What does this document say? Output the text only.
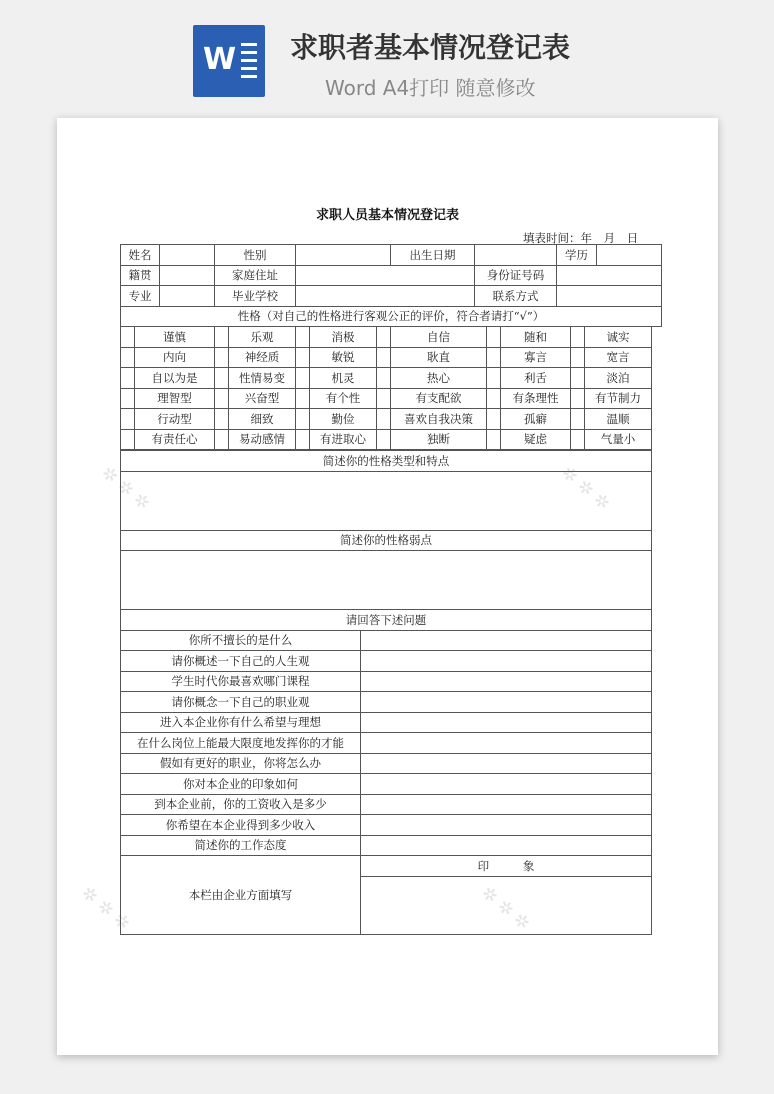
W 求职者基本情况登记表
Word A4打印 随意修改
✲ ✲ ✲	✲ ✲ ✲
✲ ✲ ✲	✲ ✲ ✲
求职人员基本情况登记表
填表时间：年 月 日
姓名		性别		出生日期		学历	
籍贯		家庭住址			身份证号码		
专业		毕业学校			联系方式		
性格（对自己的性格进行客观公正的评价，符合者请打“√”）							
	谨慎		乐观		消极		自信		随和		诚实
	内向		神经质		敏锐		耿直		寡言		宽言
	自以为是		性情易变		机灵		热心		利舌		淡泊
	理智型		兴奋型		有个性		有支配欲		有条理性		有节制力
	行动型		细致		勤俭		喜欢自我决策		孤癖		温顺
	有责任心		易动感情		有进取心		独断		疑虑		气量小
简述你的性格类型和特点	

简述你的性格弱点	

请回答下述问题	
你所不擅长的是什么	
请你概述一下自己的人生观	
学生时代你最喜欢哪门课程	
请你概念一下自己的职业观	
进入本企业你有什么希望与理想	
在什么岗位上能最大限度地发挥你的才能	
假如有更好的职业，你将怎么办	
你对本企业的印象如何	
到本企业前，你的工资收入是多少	
你希望在本企业得到多少收入	
简述你的工作态度	
本栏由企业方面填写	印 象
